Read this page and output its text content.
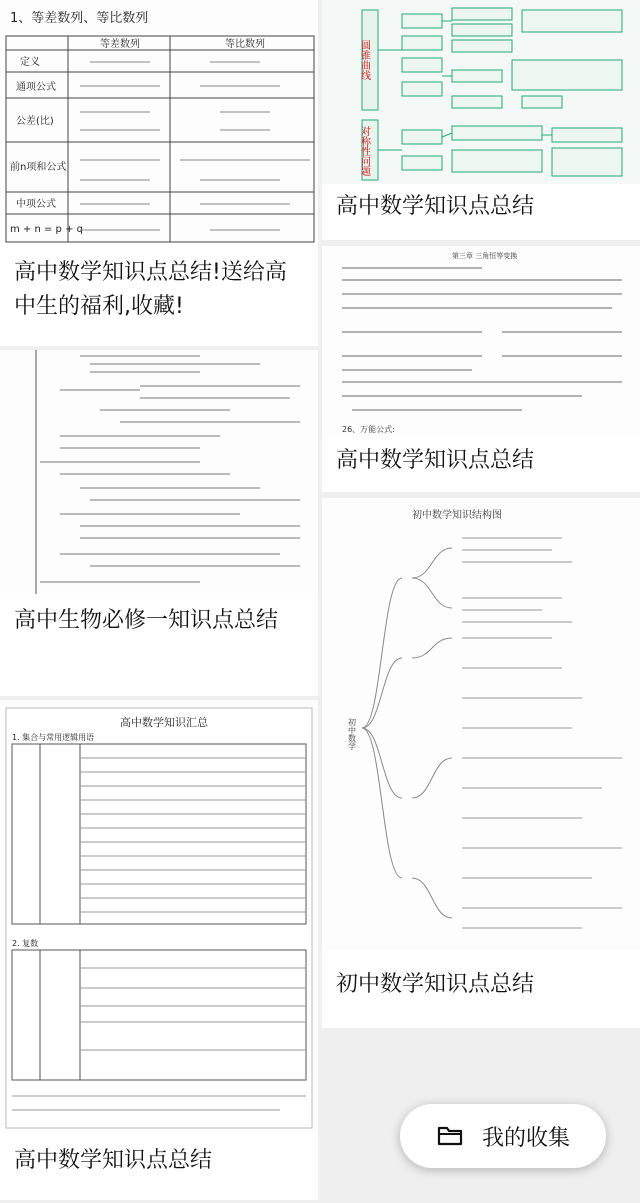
1、等差数列、等比数列
等差数列	等比数列
定义
通项公式
公差(比)
前n项和公式
中项公式
m + n = p + q
高中数学知识点总结!送给高中生的福利,收藏!
圆锥曲线
对称性问题
高中数学知识点总结
第三章 三角恒等变换
26、万能公式:
高中数学知识点总结
高中生物必修一知识点总结
初中数学知识结构图
初中数学
初中数学知识点总结
高中数学知识汇总
1. 集合与常用逻辑用语
2. 复数
高中数学知识点总结
我的收集
